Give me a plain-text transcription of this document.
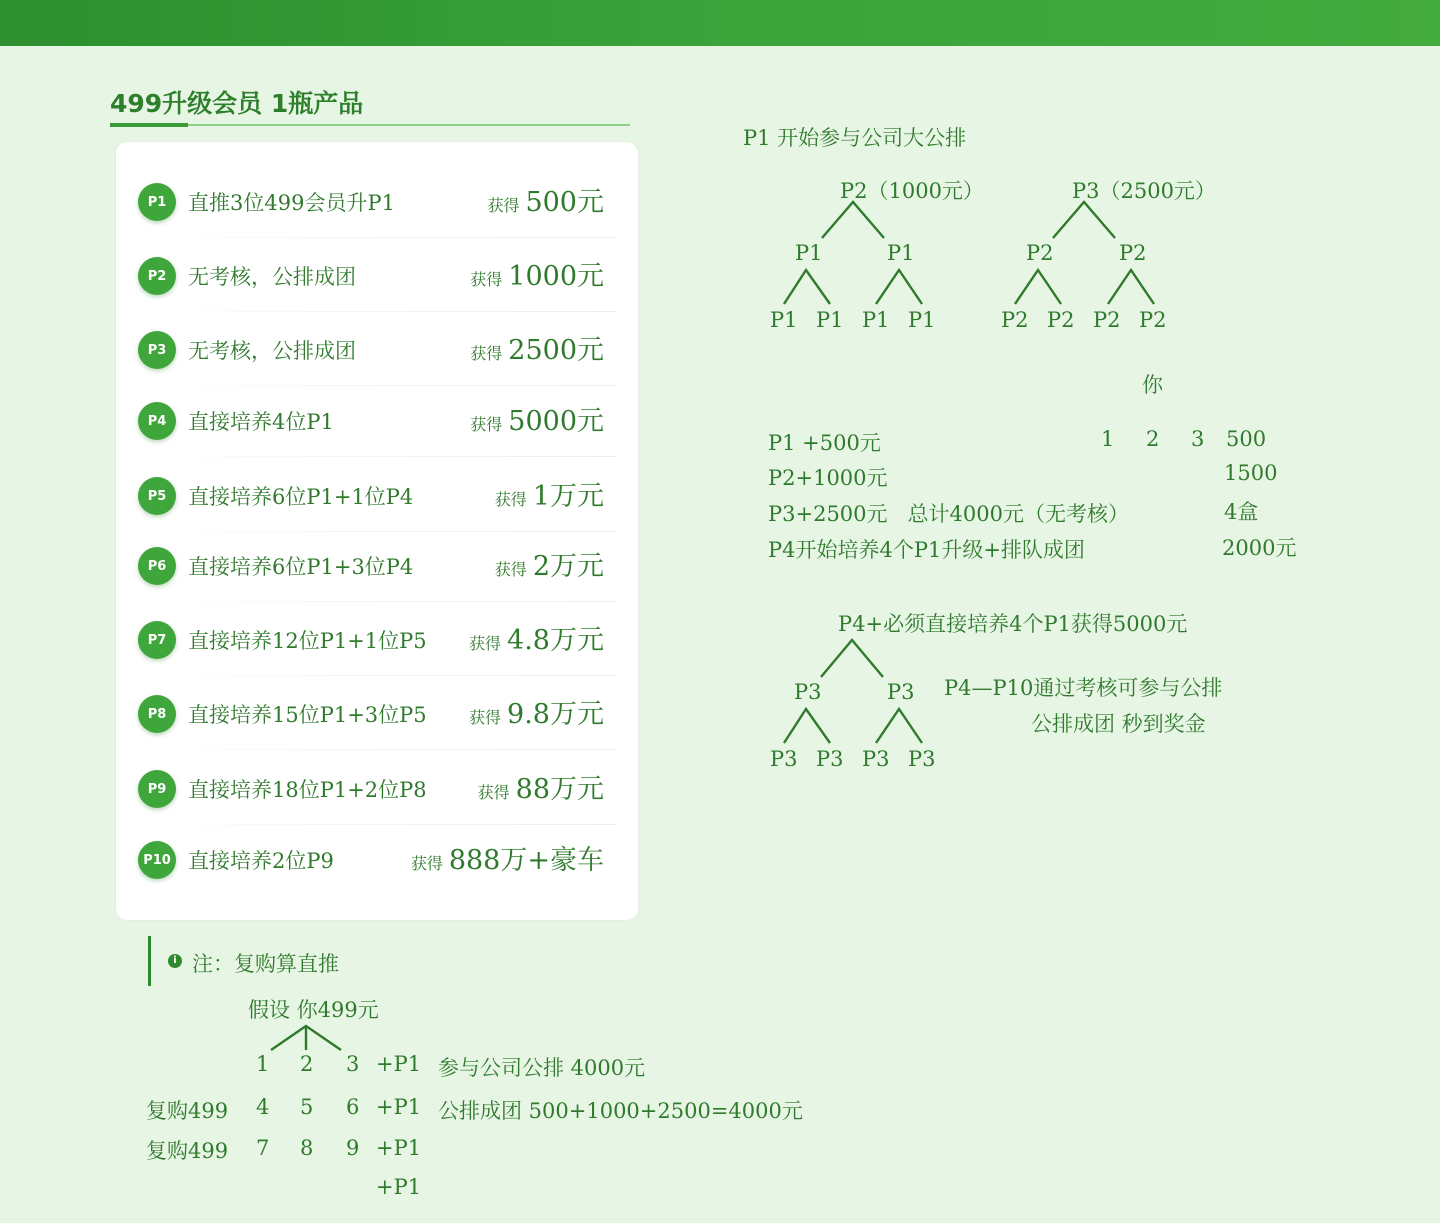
499升级会员 1瓶产品
P1	直推3位499会员升P1	获得 500元
P2	无考核，公排成团	获得 1000元
P3	无考核，公排成团	获得 2500元
P4	直接培养4位P1	获得 5000元
P5	直接培养6位P1+1位P4	获得 1万元
P6	直接培养6位P1+3位P4	获得 2万元
P7	直接培养12位P1+1位P5	获得 4.8万元
P8	直接培养15位P1+3位P5	获得 9.8万元
P9	直接培养18位P1+2位P8	获得 88万元
P10 直接培养2位P9	获得 888万+豪车
i 注：复购算直推
假设 你499元
1 2 3 +P1 参与公司公排 4000元
复购499 4 5 6 +P1 公排成团 500+1000+2500=4000元
复购499 7 8 9 +P1
+P1
P1 开始参与公司大公排
P2（1000元）
P1	P1
P1 P1 P1 P1
P3（2500元）
P2	P2
P2 P2 P2 P2
你
P1 +500元	1 2 3 500
P2+1000元	1500
P3+2500元   总计4000元（无考核）	4盒
P4开始培养4个P1升级+排队成团	2000元
P4+必须直接培养4个P1获得5000元
P3	P3
P3 P3 P3 P3
P4—P10通过考核可参与公排
公排成团 秒到奖金
